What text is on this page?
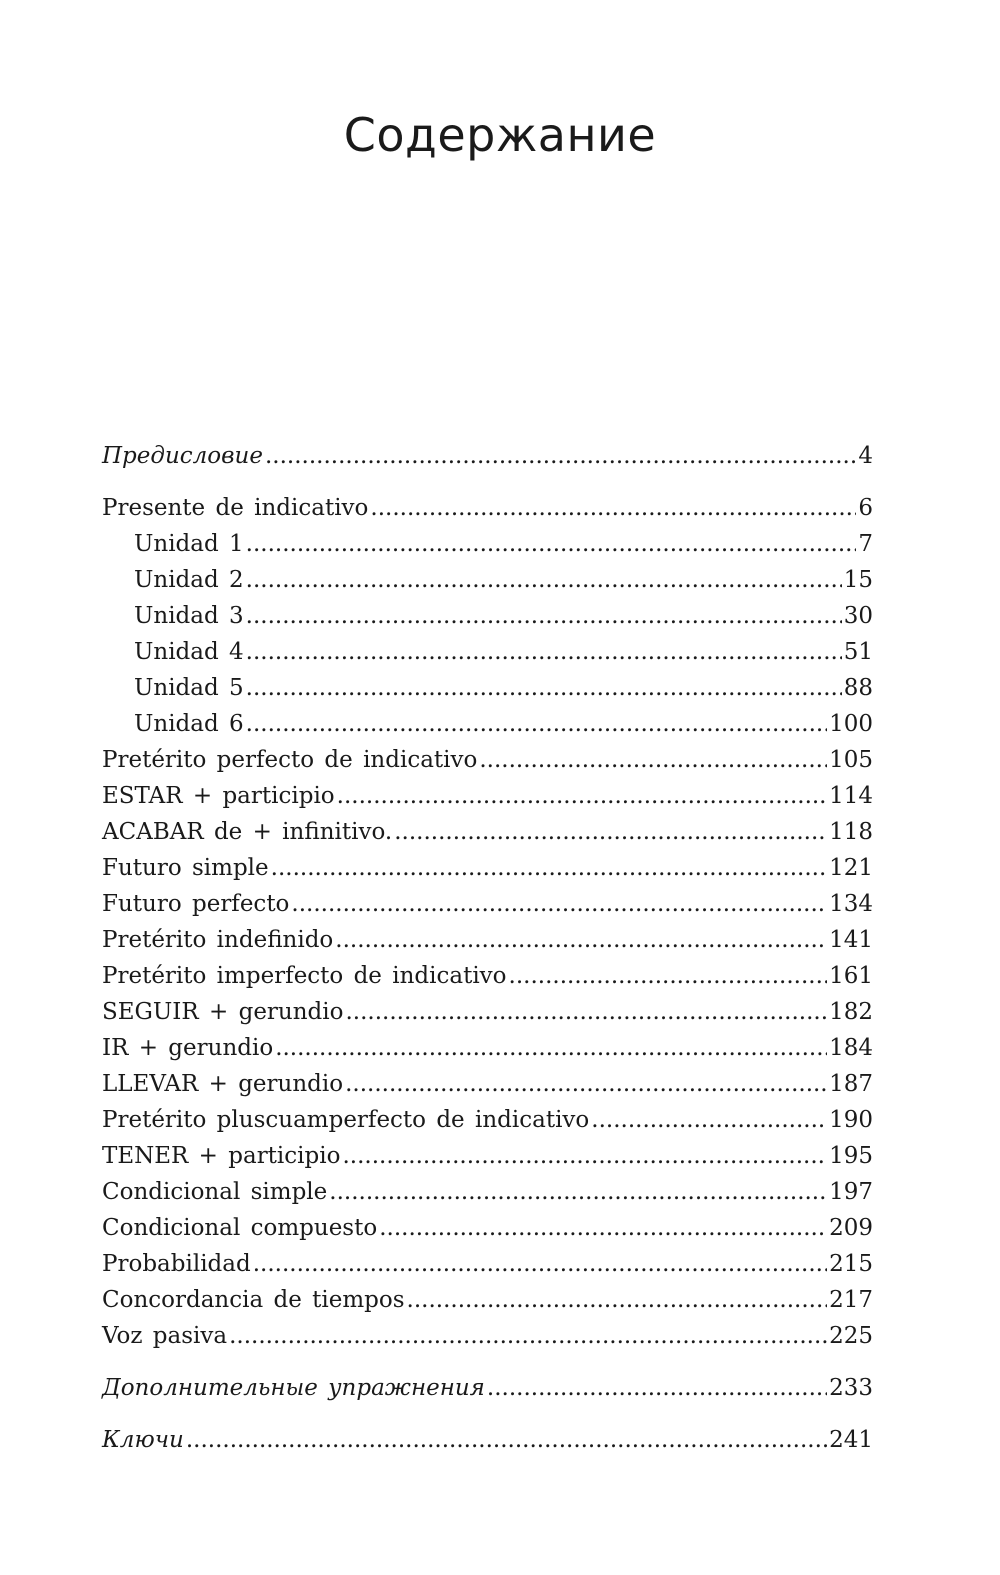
Содержание
Предисловие .....	4
Presente de indicativo .....	6
Unidad 1 .....	7
Unidad 2 .....	15
Unidad 3 .....	30
Unidad 4 .....	51
Unidad 5 .....	88
Unidad 6 .....	100
Pretérito perfecto de indicativo .....	105
ESTAR + participio .....	114
ACABAR de + infinitivo. .....	118
Futuro simple .....	121
Futuro perfecto .....	134
Pretérito indefinido .....	141
Pretérito imperfecto de indicativo .....	161
SEGUIR + gerundio .....	182
IR + gerundio .....	184
LLEVAR + gerundio .....	187
Pretérito pluscuamperfecto de indicativo .....	190
TENER + participio .....	195
Condicional simple .....	197
Condicional compuesto .....	209
Probabilidad .....	215
Concordancia de tiempos .....	217
Voz pasiva .....	225
Дополнительные упражнения .....	233
Ключи .....	241
